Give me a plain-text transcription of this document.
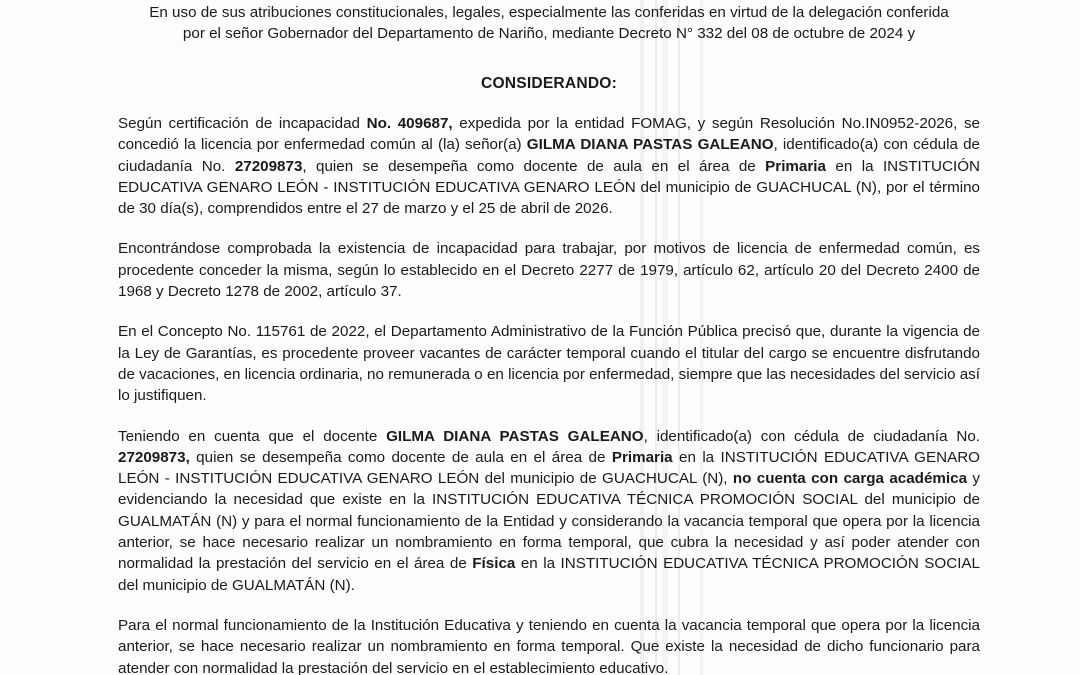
En uso de sus atribuciones constitucionales, legales, especialmente las conferidas en virtud de la delegación conferida
por el señor Gobernador del Departamento de Nariño, mediante Decreto N° 332 del 08 de octubre de 2024 y

CONSIDERANDO:

Según certificación de incapacidad No. 409687, expedida por la entidad FOMAG, y según Resolución No.IN0952-2026, se concedió la licencia por enfermedad común al (la) señor(a) GILMA DIANA PASTAS GALEANO, identificado(a) con cédula de ciudadanía No. 27209873, quien se desempeña como docente de aula en el área de Primaria en la INSTITUCIÓN EDUCATIVA GENARO LEÓN - INSTITUCIÓN EDUCATIVA GENARO LEÓN del municipio de GUACHUCAL (N), por el término de 30 día(s), comprendidos entre el 27 de marzo y el 25 de abril de 2026.

Encontrándose comprobada la existencia de incapacidad para trabajar, por motivos de licencia de enfermedad común, es procedente conceder la misma, según lo establecido en el Decreto 2277 de 1979, artículo 62, artículo 20 del Decreto 2400 de 1968 y Decreto 1278 de 2002, artículo 37.

En el Concepto No. 115761 de 2022, el Departamento Administrativo de la Función Pública precisó que, durante la vigencia de la Ley de Garantías, es procedente proveer vacantes de carácter temporal cuando el titular del cargo se encuentre disfrutando de vacaciones, en licencia ordinaria, no remunerada o en licencia por enfermedad, siempre que las necesidades del servicio así lo justifiquen.

Teniendo en cuenta que el docente GILMA DIANA PASTAS GALEANO, identificado(a) con cédula de ciudadanía No. 27209873, quien se desempeña como docente de aula en el área de Primaria en la INSTITUCIÓN EDUCATIVA GENARO LEÓN - INSTITUCIÓN EDUCATIVA GENARO LEÓN del municipio de GUACHUCAL (N), no cuenta con carga académica y evidenciando la necesidad que existe en la INSTITUCIÓN EDUCATIVA TÉCNICA PROMOCIÓN SOCIAL del municipio de GUALMATÁN (N) y para el normal funcionamiento de la Entidad y considerando la vacancia temporal que opera por la licencia anterior, se hace necesario realizar un nombramiento en forma temporal, que cubra la necesidad y así poder atender con normalidad la prestación del servicio en el área de Física en la INSTITUCIÓN EDUCATIVA TÉCNICA PROMOCIÓN SOCIAL del municipio de GUALMATÁN (N).

Para el normal funcionamiento de la Institución Educativa y teniendo en cuenta la vacancia temporal que opera por la licencia anterior, se hace necesario realizar un nombramiento en forma temporal. Que existe la necesidad de dicho funcionario para atender con normalidad la prestación del servicio en el establecimiento educativo.
